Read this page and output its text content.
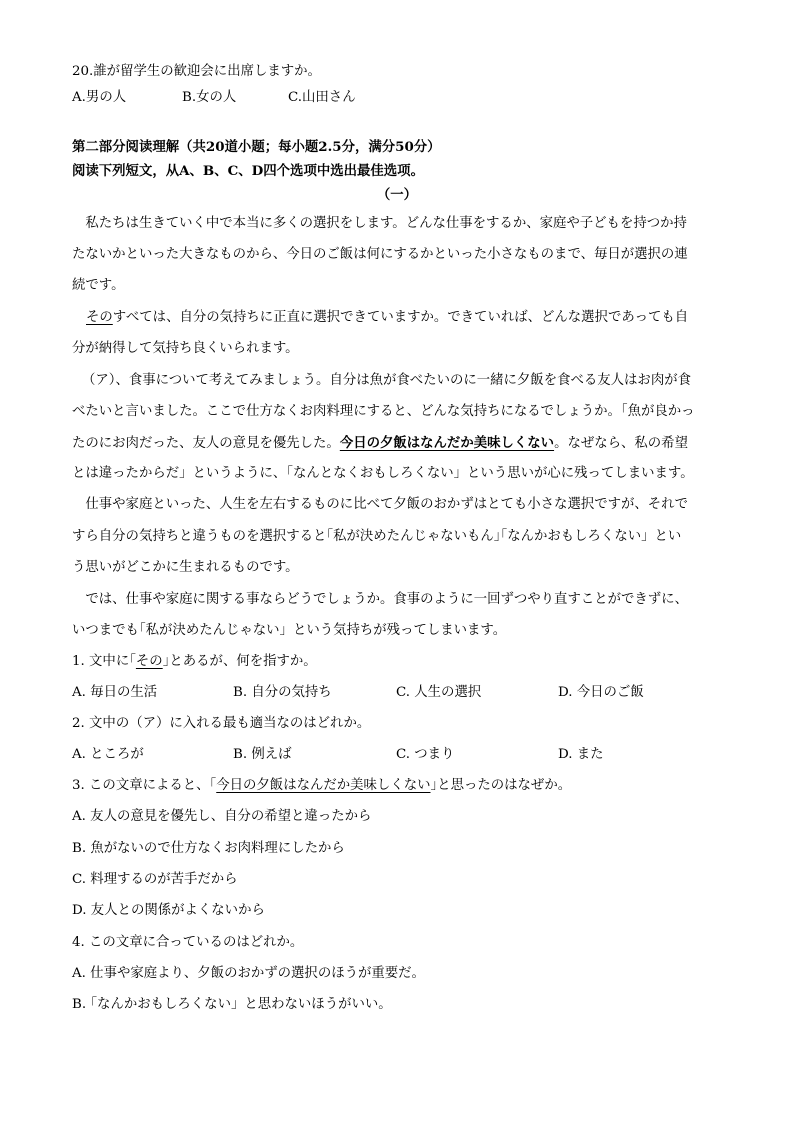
20.誰が留学生の歓迎会に出席しますか。
A.男の人	B.女の人	C.山田さん
第二部分阅读理解（共20道小题；每小题2.5分，满分50分）
阅读下列短文，从A、B、C、D四个选项中选出最佳选项。
（一）
　私たちは生きていく中で本当に多くの選択をします。どんな仕事をするか、家庭や子どもを持つか持
たないかといった大きなものから、今日のご飯は何にするかといった小さなものまで、毎日が選択の連
続です。
そのすべては、自分の気持ちに正直に選択できていますか。できていれば、どんな選択であっても自
分が納得して気持ち良くいられます。
（ア）、食事について考えてみましょう。自分は魚が食べたいのに一緒に夕飯を食べる友人はお肉が食
べたいと言いました。ここで仕方なくお肉料理にすると、どんな気持ちになるでしょうか。｢魚が良かっ
たのにお肉だった、友人の意見を優先した。今日の夕飯はなんだか美味しくない。なぜなら、私の希望
とは違ったからだ」というように、｢なんとなくおもしろくない」という思いが心に残ってしまいます。
　仕事や家庭といった、人生を左右するものに比べて夕飯のおかずはとても小さな選択ですが、それで
すら自分の気持ちと違うものを選択すると｢私が決めたんじゃないもん｣｢なんかおもしろくない」とい
う思いがどこかに生まれるものです。
　では、仕事や家庭に関する事ならどうでしょうか。食事のように一回ずつやり直すことができずに、
いつまでも｢私が決めたんじゃない」という気持ちが残ってしまいます。
1. 文中に｢その｣とあるが、何を指すか。
A. 毎日の生活	B. 自分の気持ち	C. 人生の選択	D. 今日のご飯
2. 文中の（ア）に入れる最も適当なのはどれか。
A. ところが	B. 例えば	C. つまり	D. また
3. この文章によると、｢今日の夕飯はなんだか美味しくない｣と思ったのはなぜか。
A. 友人の意見を優先し、自分の希望と違ったから
B. 魚がないので仕方なくお肉料理にしたから
C. 料理するのが苦手だから
D. 友人との関係がよくないから
4. この文章に合っているのはどれか。
A. 仕事や家庭より、夕飯のおかずの選択のほうが重要だ。
B. ｢なんかおもしろくない」と思わないほうがいい。
